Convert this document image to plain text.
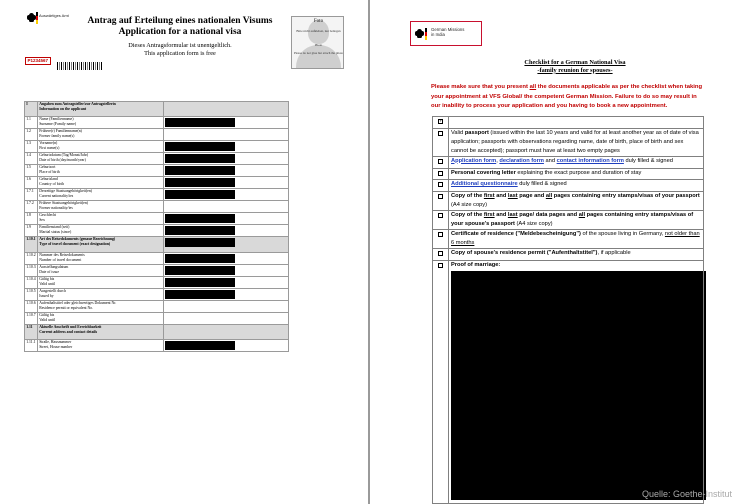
Auswärtiges Amt
Antrag auf Erteilung eines nationalen Visums
Application for a national visa
Dieses Antragsformular ist unentgeltlich.
This application form is free
Foto
Bitte nicht aufkleben, nur beilegen
Photo
Please do not glue but attach the photo
P1234567
I	Angaben zum Antragsteller/zur Antragstellerin
Information on the applicant	

1.1	Name (Familienname)
Surname (Family name)	

1.2	Frühere(r) Familienname(n)
Former family name(s)	

1.3	Vorname(n)
First name(s)	

1.4	Geburtsdatum (Tag/Monat/Jahr)
Date of birth (day/month/year)	

1.5	Geburtsort
Place of birth	

1.6	Geburtsland
Country of birth	

1.7.1	Derzeitige Staatsangehörigkeit(en)
Current nationality/ies	

1.7.2	Frühere Staatsangehörigkeit(en)
Former nationality/ies	

1.8	Geschlecht
Sex	

1.9	Familienstand (seit)
Marital status (since)	

1.10.1	Art des Reisedokuments (genaue Bezeichnung)
Type of travel document (exact designation)	

1.10.2	Nummer des Reisedokuments
Number of travel document	

1.10.3	Ausstellungsdatum
Date of issue	

1.10.4	Gültig bis
Valid until	

1.10.5	Ausgestellt durch
Issued by	

1.10.6	Aufenthaltstitel oder gleichwertiges Dokument Nr.
Residence permit or equivalent No.	

1.10.7	Gültig bis
Valid until	

1.11	Aktuelle Anschrift und Erreichbarkeit
Current address and contact details	

1.11.1	Straße, Hausnummer
Street, House number	

German Missions
in India
Checklist for a German National Visa
-family reunion for spouses-
Please make sure that you present all the documents applicable as per the checklist when taking your appointment at VFS Global/ the competent German Mission. Failure to do so may result in our inability to process your application and you having to book a new appointment.
✓	
	Valid passport (issued within the last 10 years and valid for at least another year as of date of visa application; passports with observations regarding name, date of birth, place of birth and sex cannot be accepted); passport must have at least two empty pages
	Application form, declaration form and contact information form duly filled & signed
	Personal covering letter explaining the exact purpose and duration of stay
	Additional questionnaire duly filled & signed
	Copy of the first and last page and all pages containing entry stamps/visas of your passport (A4 size copy)
	Copy of the first and last page/ data pages and all pages containing entry stamps/visas of your spouse's passport (A4 size copy)
	Certificate of residence ("Meldebescheinigung") of the spouse living in Germany, not older than 6 months
	Copy of spouse's residence permit ("Aufenthaltstitel"), if applicable
	Proof of marriage:
Quelle: Goethe-Institut
